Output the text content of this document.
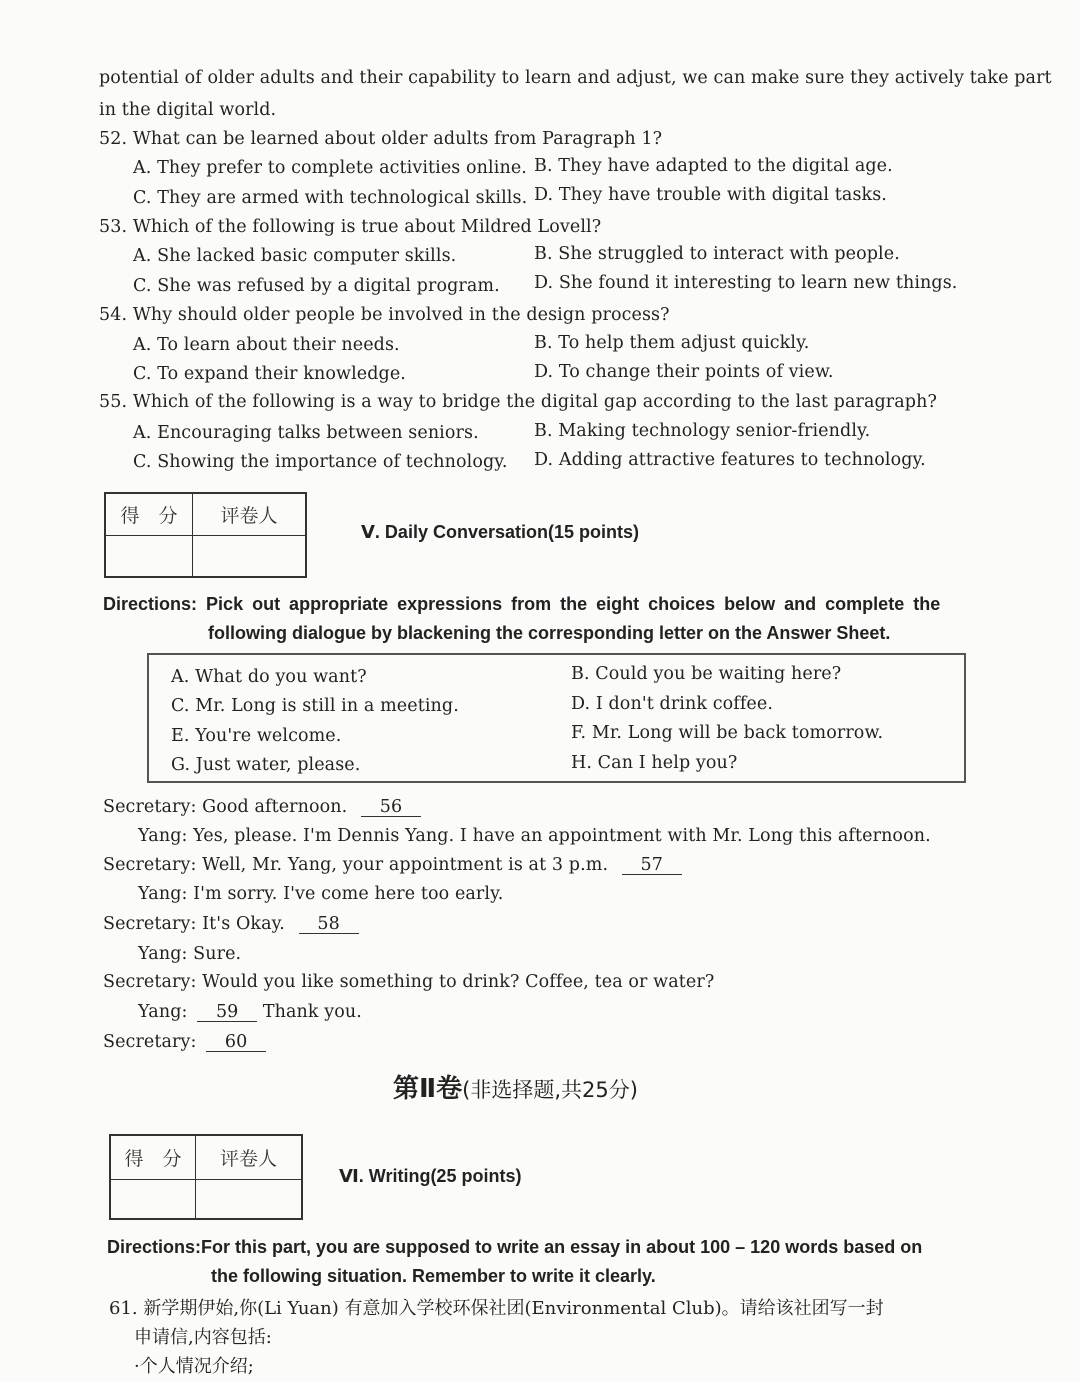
potential of older adults and their capability to learn and adjust, we can make sure they actively take part
in the digital world.
52. What can be learned about older adults from Paragraph 1?
A. They prefer to complete activities online. B. They have adapted to the digital age.
C. They are armed with technological skills. D. They have trouble with digital tasks.
53. Which of the following is true about Mildred Lovell?
A. She lacked basic computer skills.	B. She struggled to interact with people.
C. She was refused by a digital program. D. She found it interesting to learn new things.
54. Why should older people be involved in the design process?
A. To learn about their needs.	B. To help them adjust quickly.
C. To expand their knowledge.	D. To change their points of view.
55. Which of the following is a way to bridge the digital gap according to the last paragraph?
A. Encouraging talks between seniors.	B. Making technology senior-friendly.
C. Showing the importance of technology. D. Adding attractive features to technology.
得　分	评卷人

Ⅴ. Daily Conversation(15 points)
Directions: Pick out appropriate expressions from the eight choices below and complete the
following dialogue by blackening the corresponding letter on the Answer Sheet.
A. What do you want?	B. Could you be waiting here?
C. Mr. Long is still in a meeting.	D. I don't drink coffee.
E. You're welcome.	F. Mr. Long will be back tomorrow.
G. Just water, please.	H. Can I help you?
Secretary: Good afternoon. 56
Yang: Yes, please. I'm Dennis Yang. I have an appointment with Mr. Long this afternoon.
Secretary: Well, Mr. Yang, your appointment is at 3 p.m. 57
Yang: I'm sorry. I've come here too early.
Secretary: It's Okay. 58
Yang: Sure.
Secretary: Would you like something to drink? Coffee, tea or water?
Yang: 59 Thank you.
Secretary: 60
第Ⅱ卷(非选择题,共25分)
得　分	评卷人

Ⅵ. Writing(25 points)
Directions:For this part, you are supposed to write an essay in about 100 – 120 words based on
the following situation. Remember to write it clearly.
61. 新学期伊始,你(Li Yuan) 有意加入学校环保社团(Environmental Club)。请给该社团写一封
申请信,内容包括:
·个人情况介绍;
